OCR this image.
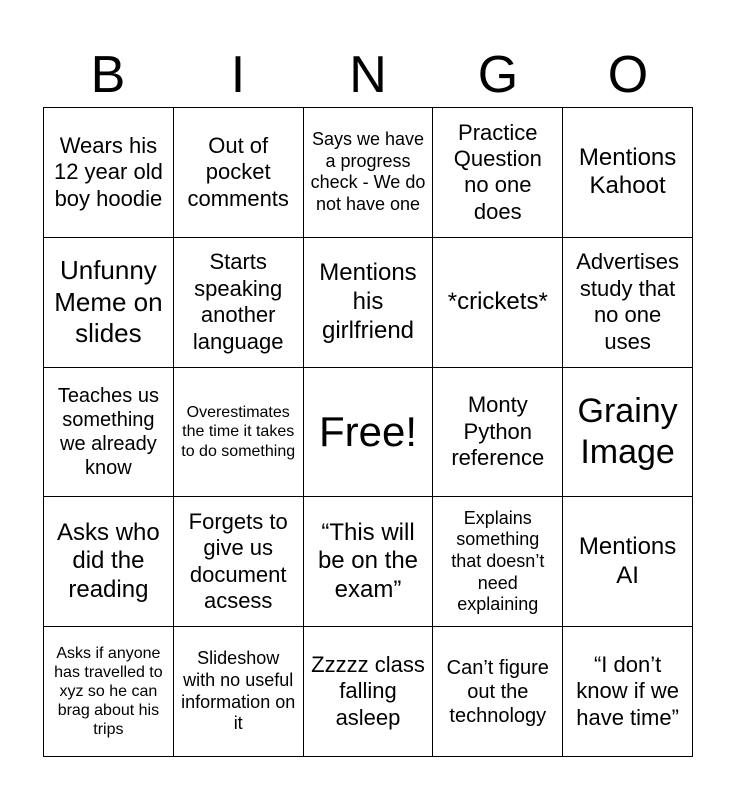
B	I	N	G	O
Wears his 12 year old boy hoodie
Out of pocket comments
Says we have a progress check - We do not have one
Practice Question no one does
Mentions Kahoot
Unfunny Meme on slides
Starts speaking another language
Mentions his girlfriend
*crickets*
Advertises study that no one uses
Teaches us something we already know
Overestimates the time it takes to do something Free!
Monty Python reference
Grainy Image
Asks who did the reading
Forgets to give us document acsess
“This will be on the exam”
Explains something that doesn’t need explaining
Mentions AI
Asks if anyone has travelled to xyz so he can brag about his trips
Slideshow with no useful information on it
Zzzzz class falling asleep
Can’t figure out the technology
“I don’t know if we have time”
